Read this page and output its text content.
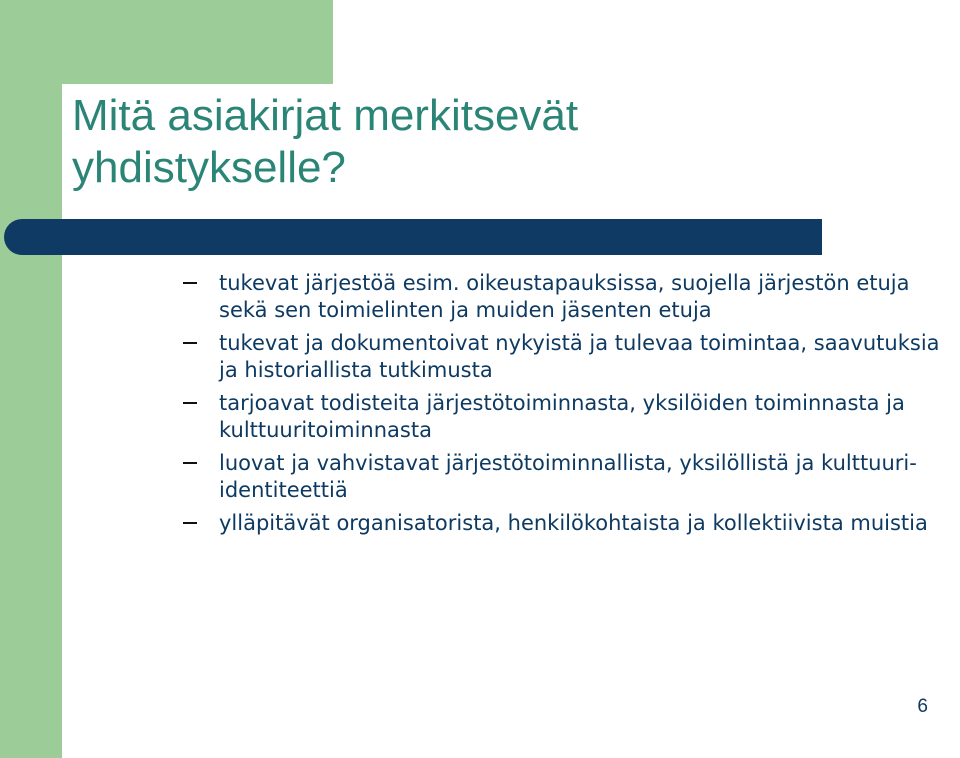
Mitä asiakirjat merkitsevät
yhdistykselle?
tukevat järjestöä esim. oikeustapauksissa, suojella järjestön etuja sekä sen toimielinten ja muiden jäsenten etuja
tukevat ja dokumentoivat nykyistä ja tulevaa toimintaa, saavutuksia ja historiallista tutkimusta
tarjoavat todisteita järjestötoiminnasta, yksilöiden toiminnasta ja kulttuuritoiminnasta
luovat ja vahvistavat järjestötoiminnallista, yksilöllistä ja kulttuuri-identiteettiä
ylläpitävät organisatorista, henkilökohtaista ja kollektiivista muistia
6
